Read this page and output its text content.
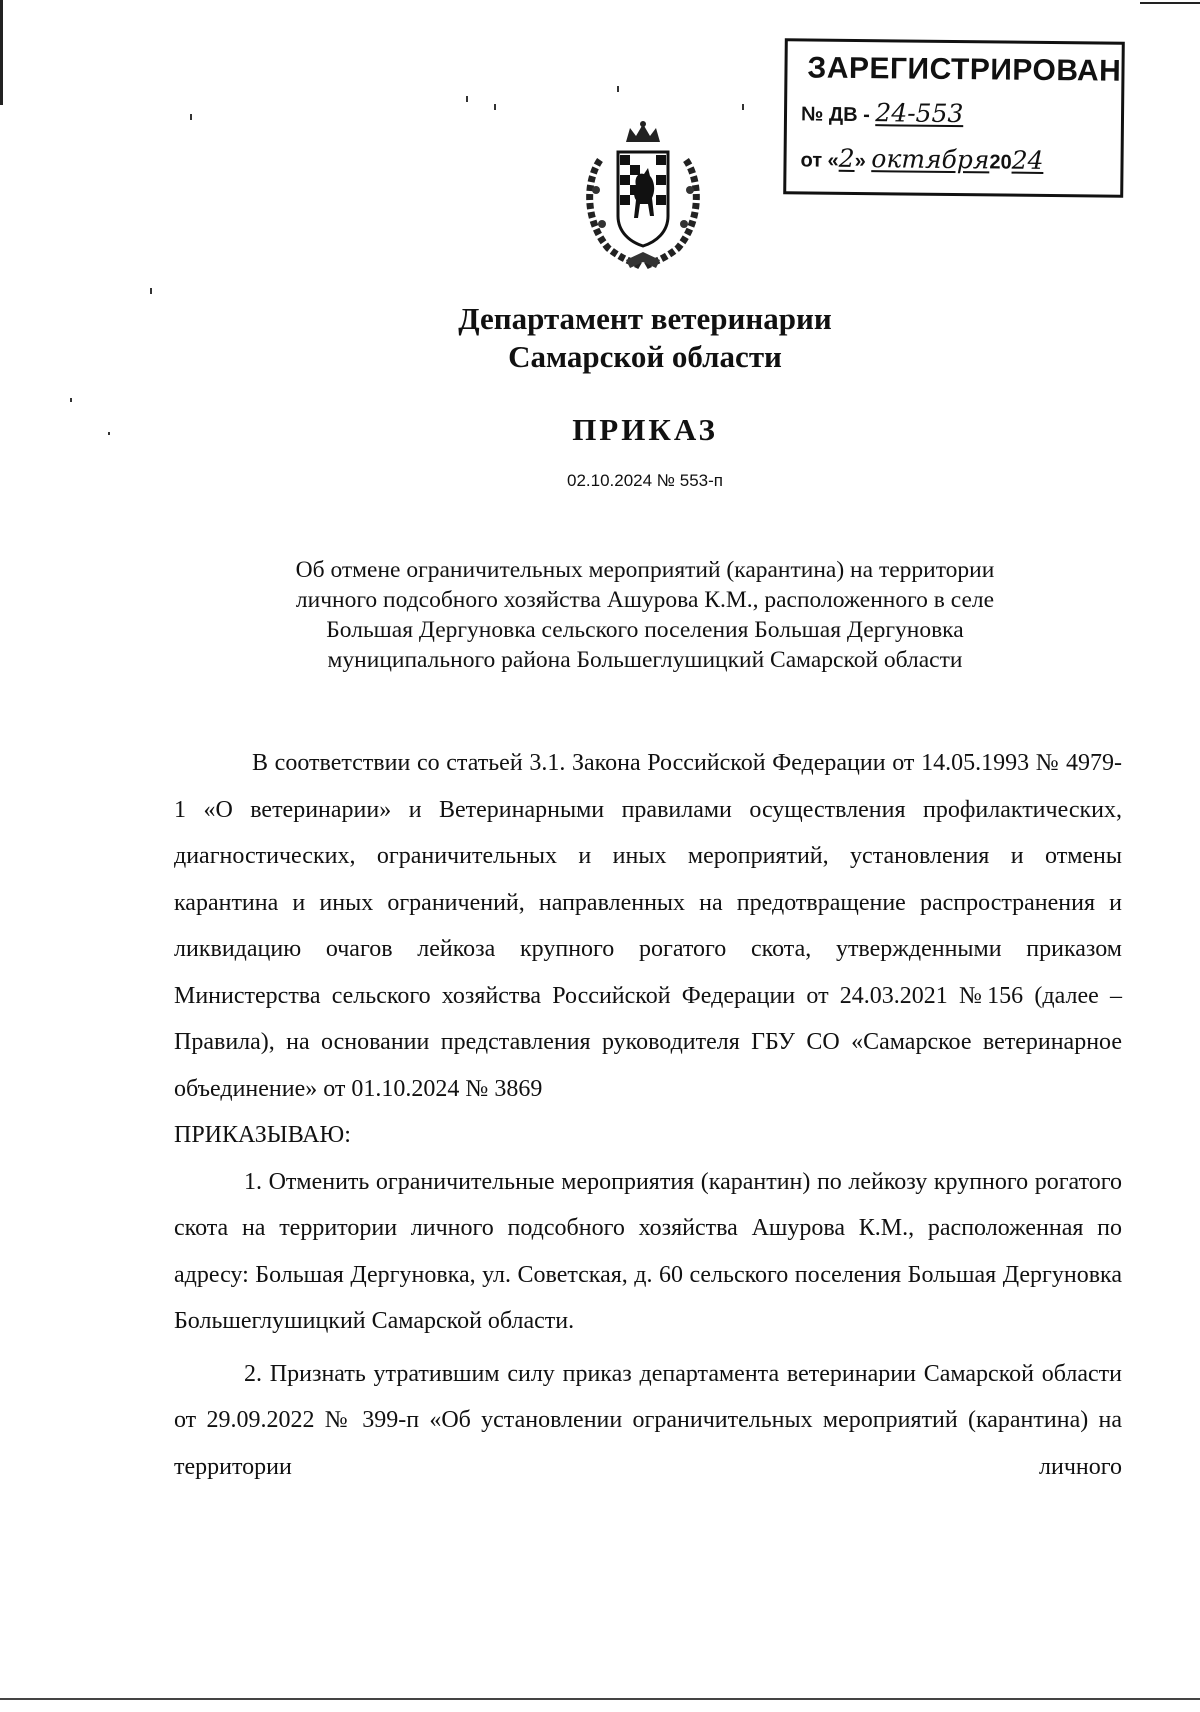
ЗАРЕГИСТРИРОВАН
№ ДВ - 24-553
от «2» октября2024
Департамент ветеринарии
Самарской области
ПРИКАЗ
02.10.2024 № 553-п
Об отмене ограничительных мероприятий (карантина) на территории
личного подсобного хозяйства Ашурова К.М., расположенного в селе
Большая Дергуновка сельского поселения Большая Дергуновка
муниципального района Большеглушицкий Самарской области

В соответствии со статьей 3.1. Закона Российской Федерации от 14.05.1993 № 4979-1 «О ветеринарии» и Ветеринарными правилами осуществления профилактических, диагностических, ограничительных и иных мероприятий, установления и отмены карантина и иных ограничений, направленных на предотвращение распространения и ликвидацию очагов лейкоза крупного рогатого скота, утвержденными приказом Министерства сельского хозяйства Российской Федерации от 24.03.2021 №156 (далее – Правила), на основании представления руководителя ГБУ СО «Самарское ветеринарное объединение» от 01.10.2024 № 3869

ПРИКАЗЫВАЮ:

1. Отменить ограничительные мероприятия (карантин) по лейкозу крупного рогатого скота на территории личного подсобного хозяйства Ашурова К.М., расположенная по адресу: Большая Дергуновка, ул. Советская, д. 60 сельского поселения Большая Дергуновка Большеглушицкий Самарской области.

2. Признать утратившим силу приказ департамента ветеринарии Самарской области от 29.09.2022 № 399-п «Об установлении ограничительных мероприятий (карантина) на территории личного
